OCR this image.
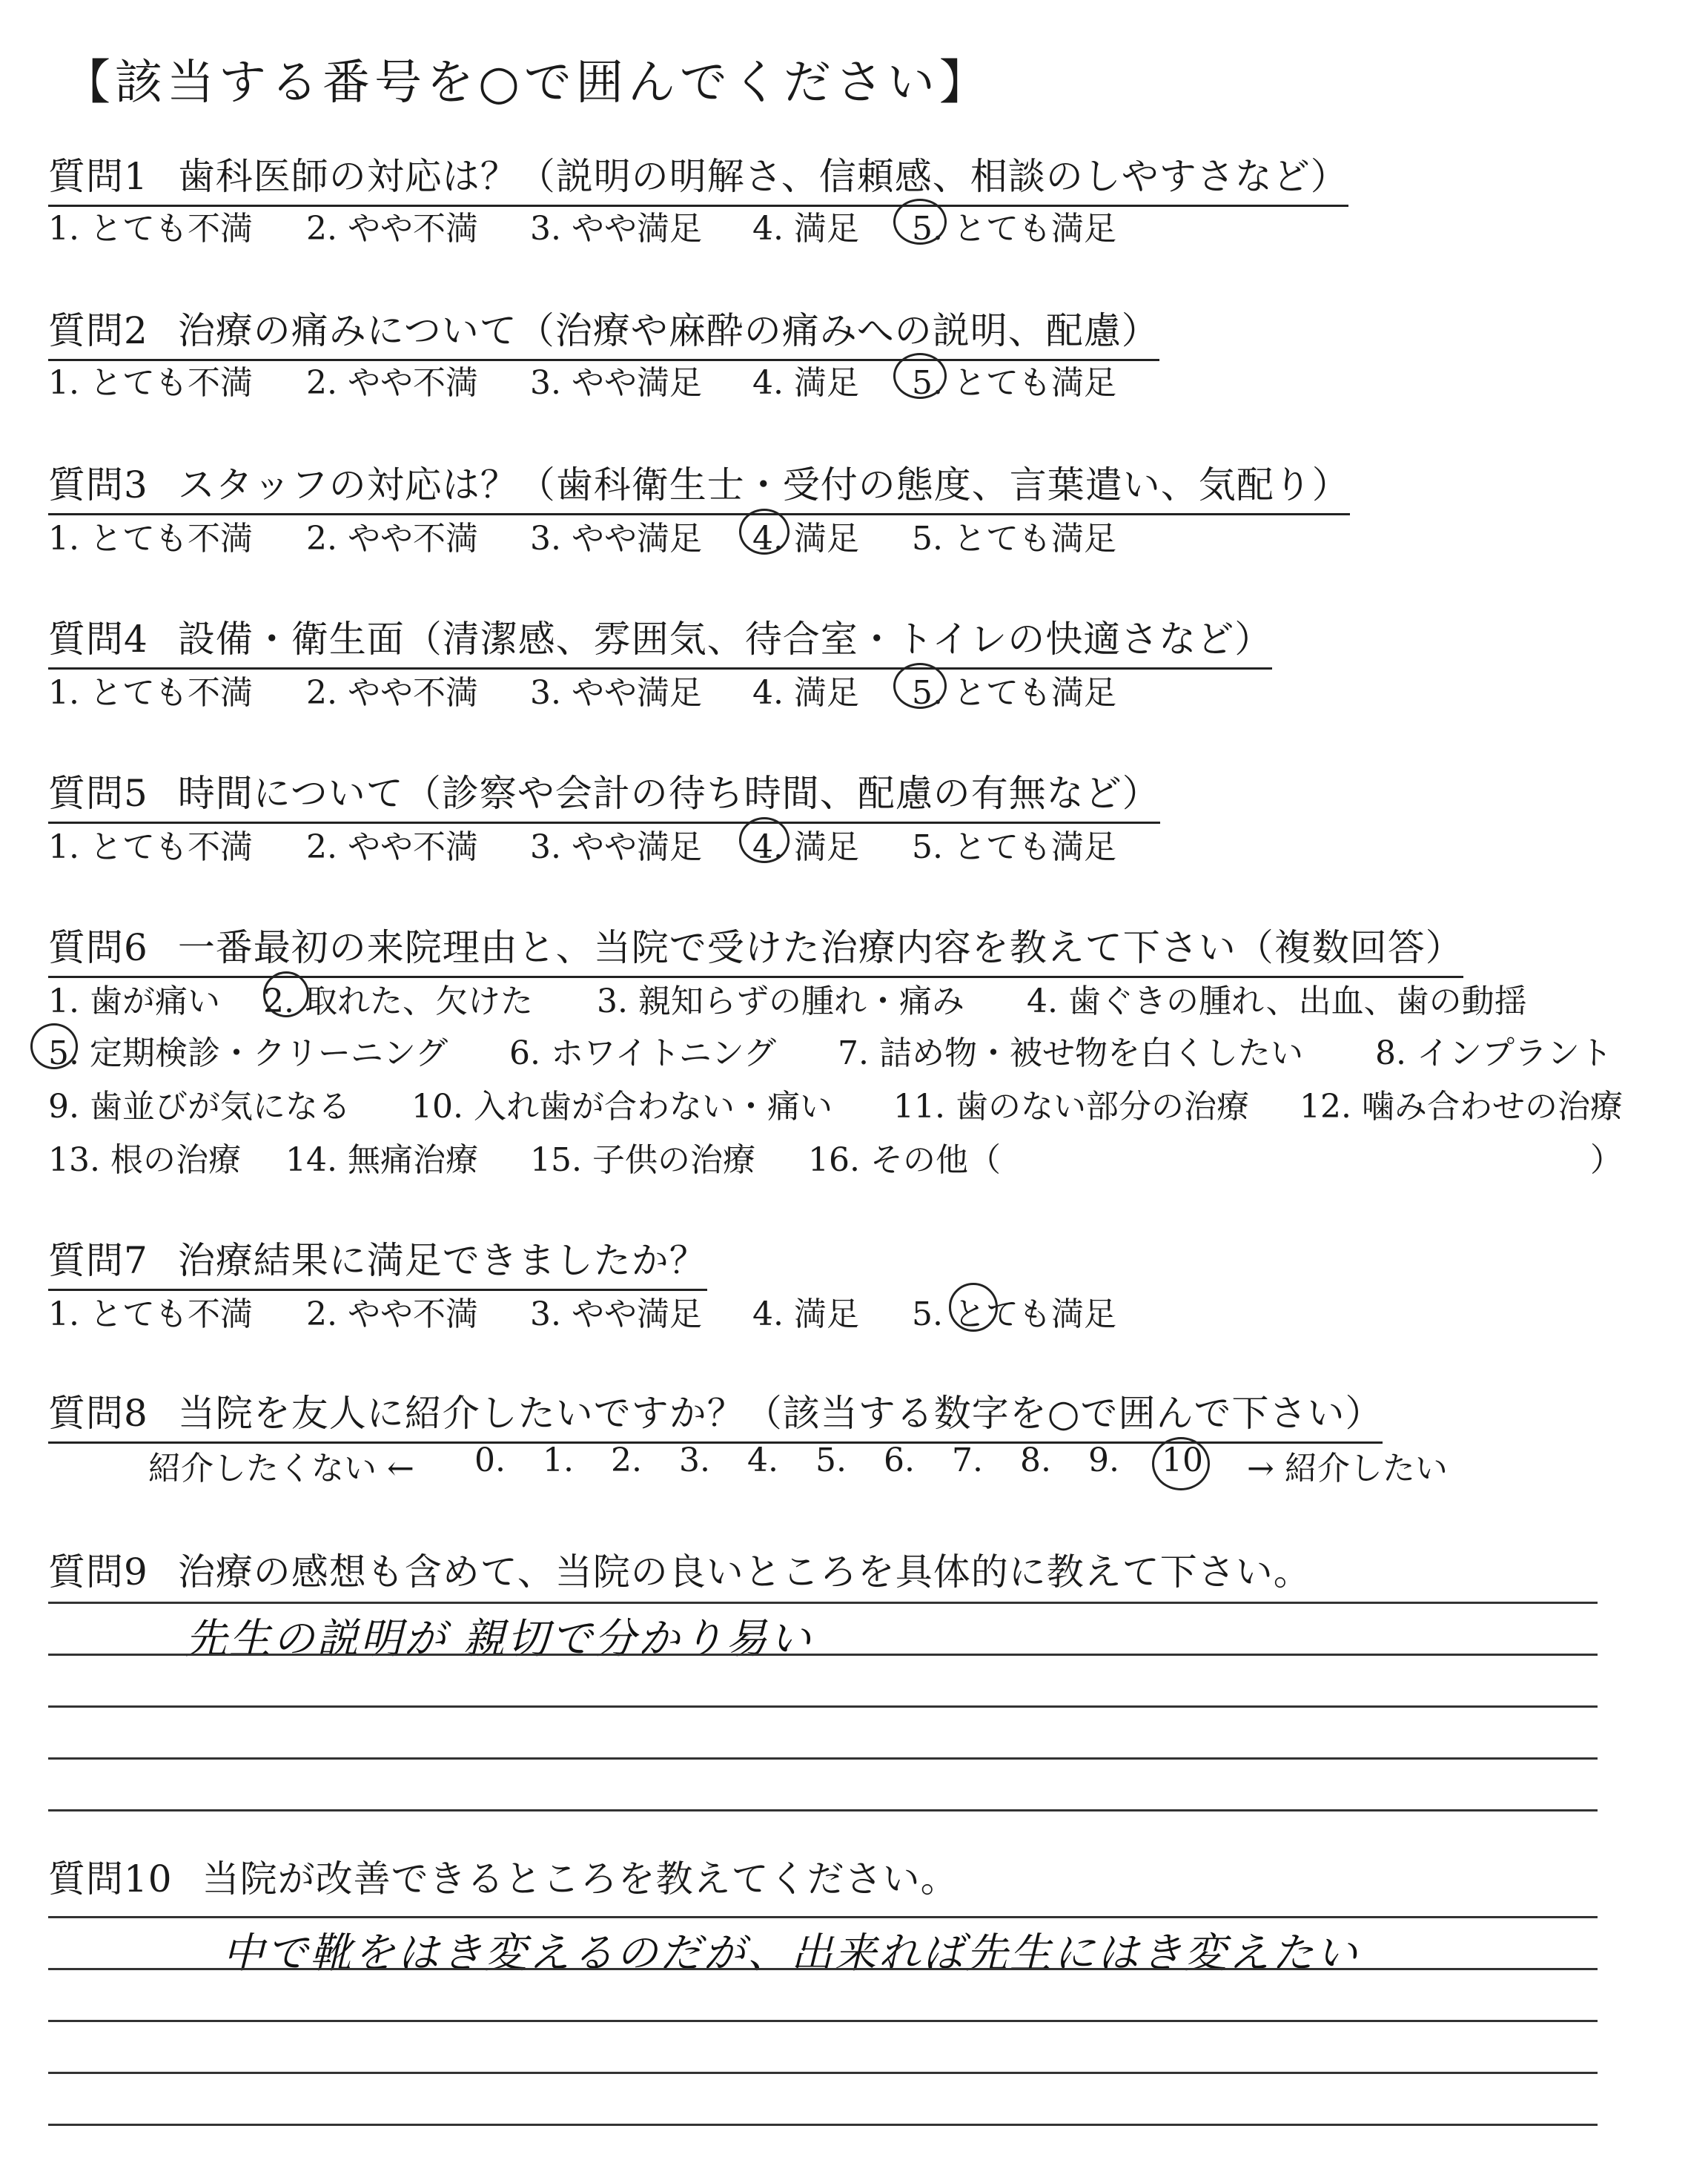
【該当する番号を○で囲んでください】
質問1 歯科医師の対応は？（説明の明解さ、信頼感、相談のしやすさなど）
1. とても不満 2. やや不満 3. やや満足 4. 満足 5. とても満足
質問2 治療の痛みについて（治療や麻酔の痛みへの説明、配慮）
1. とても不満 2. やや不満 3. やや満足 4. 満足 5. とても満足
質問3 スタッフの対応は？（歯科衛生士・受付の態度、言葉遣い、気配り）
1. とても不満 2. やや不満 3. やや満足 4. 満足 5. とても満足
質問4 設備・衛生面（清潔感、雰囲気、待合室・トイレの快適さなど）
1. とても不満 2. やや不満 3. やや満足 4. 満足 5. とても満足
質問5 時間について（診察や会計の待ち時間、配慮の有無など）
1. とても不満 2. やや不満 3. やや満足 4. 満足 5. とても満足
質問6 一番最初の来院理由と、当院で受けた治療内容を教えて下さい（複数回答）
1. 歯が痛い 2. 取れた、欠けた 3. 親知らずの腫れ・痛み 4. 歯ぐきの腫れ、出血、歯の動揺
5. 定期検診・クリーニング 6. ホワイトニング 7. 詰め物・被せ物を白くしたい 8. インプラント
9. 歯並びが気になる 10. 入れ歯が合わない・痛い 11. 歯のない部分の治療 12. 噛み合わせの治療
13. 根の治療 14. 無痛治療 15. 子供の治療 16. その他（	）
質問7 治療結果に満足できましたか？
1. とても不満 2. やや不満 3. やや満足 4. 満足 5. とても満足
質問8 当院を友人に紹介したいですか？（該当する数字を○で囲んで下さい）
紹介したくない ← 0. 1. 2. 3. 4. 5. 6. 7. 8. 9. 10 → 紹介したい
質問9 治療の感想も含めて、当院の良いところを具体的に教えて下さい。
先生の説明が 親切で分かり易い
質問10 当院が改善できるところを教えてください。
中で靴をはき変えるのだが、出来れば先生にはき変えたい
